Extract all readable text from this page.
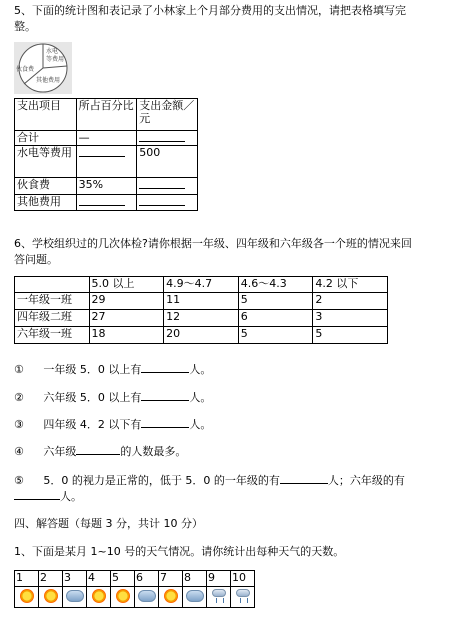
5、下面的统计图和表记录了小林家上个月部分费用的支出情况，请把表格填写完
整。
伙食费
水电
等费用
其他费用
支出项目	所占百分比	支出金额／元
合计	—	
水电等费用		500
伙食费	35%	
其他费用		
6、学校组织过的几次体检?请你根据一年级、四年级和六年级各一个班的情况来回
答问题。
	5.0 以上	4.9～4.7	4.6～4.3	4.2 以下
一年级一班	29	11	5	2
四年级二班	27	12	6	3
六年级一班	18	20	5	5
① 一年级 5．0 以上有	人。
② 六年级 5．0 以上有	人。
③ 四年级 4．2 以下有	人。
④ 六年级	的人数最多。
⑤ 5．0 的视力是正常的，低于 5．0 的一年级的有	人；六年级的有
人。
四、解答题（每题 3 分，共计 10 分）
1、下面是某月 1~10 号的天气情况。请你统计出每种天气的天数。
1	2	3	4	5	6	7	8	9	10
